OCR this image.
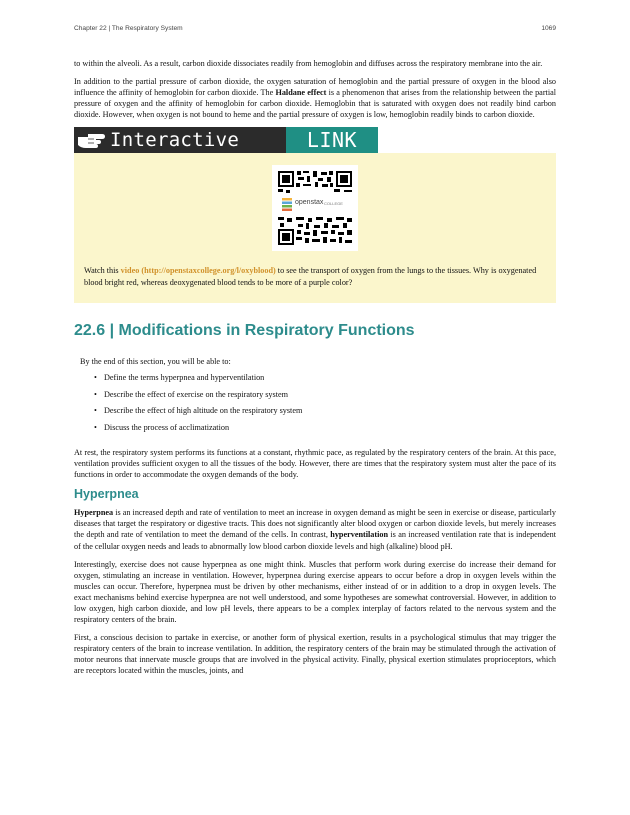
Chapter 22 | The Respiratory System	1069

to within the alveoli. As a result, carbon dioxide dissociates readily from hemoglobin and diffuses across the respiratory membrane into the air.

In addition to the partial pressure of carbon dioxide, the oxygen saturation of hemoglobin and the partial pressure of oxygen in the blood also influence the affinity of hemoglobin for carbon dioxide. The Haldane effect is a phenomenon that arises from the relationship between the partial pressure of oxygen and the affinity of hemoglobin for carbon dioxide. Hemoglobin that is saturated with oxygen does not readily bind carbon dioxide. However, when oxygen is not bound to heme and the partial pressure of oxygen is low, hemoglobin readily binds to carbon dioxide.

Interactive	LINK
openstax COLLEGE
Watch this video (http://openstaxcollege.org/l/oxyblood) to see the transport of oxygen from the lungs to the tissues. Why is oxygenated blood bright red, whereas deoxygenated blood tends to be more of a purple color?
22.6 | Modifications in Respiratory Functions
By the end of this section, you will be able to:
• Define the terms hyperpnea and hyperventilation
• Describe the effect of exercise on the respiratory system
• Describe the effect of high altitude on the respiratory system
• Discuss the process of acclimatization

At rest, the respiratory system performs its functions at a constant, rhythmic pace, as regulated by the respiratory centers of the brain. At this pace, ventilation provides sufficient oxygen to all the tissues of the body. However, there are times that the respiratory system must alter the pace of its functions in order to accommodate the oxygen demands of the body.

Hyperpnea

Hyperpnea is an increased depth and rate of ventilation to meet an increase in oxygen demand as might be seen in exercise or disease, particularly diseases that target the respiratory or digestive tracts. This does not significantly alter blood oxygen or carbon dioxide levels, but merely increases the depth and rate of ventilation to meet the demand of the cells. In contrast, hyperventilation is an increased ventilation rate that is independent of the cellular oxygen needs and leads to abnormally low blood carbon dioxide levels and high (alkaline) blood pH.

Interestingly, exercise does not cause hyperpnea as one might think. Muscles that perform work during exercise do increase their demand for oxygen, stimulating an increase in ventilation. However, hyperpnea during exercise appears to occur before a drop in oxygen levels within the muscles can occur. Therefore, hyperpnea must be driven by other mechanisms, either instead of or in addition to a drop in oxygen levels. The exact mechanisms behind exercise hyperpnea are not well understood, and some hypotheses are somewhat controversial. However, in addition to low oxygen, high carbon dioxide, and low pH levels, there appears to be a complex interplay of factors related to the nervous system and the respiratory centers of the brain.

First, a conscious decision to partake in exercise, or another form of physical exertion, results in a psychological stimulus that may trigger the respiratory centers of the brain to increase ventilation. In addition, the respiratory centers of the brain may be stimulated through the activation of motor neurons that innervate muscle groups that are involved in the physical activity. Finally, physical exertion stimulates proprioceptors, which are receptors located within the muscles, joints, and
